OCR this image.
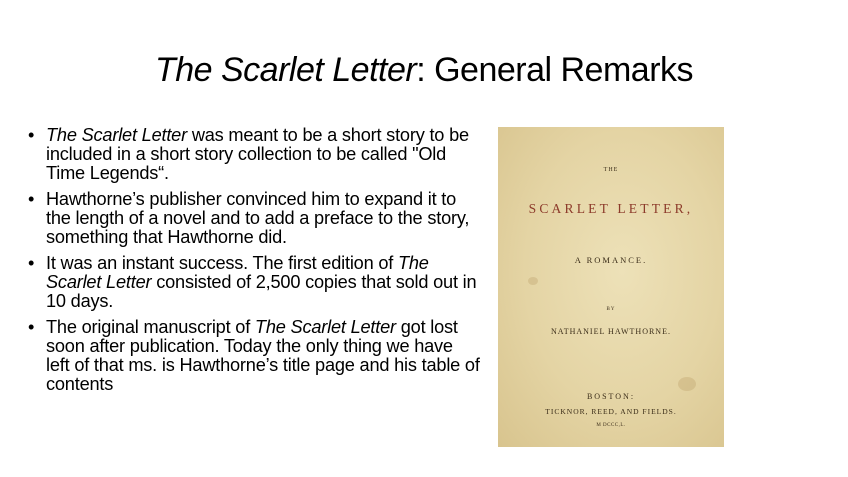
The Scarlet Letter: General Remarks
• The Scarlet Letter was meant to be a short story to be included in a short story collection to be called "Old Time Legends“.
• Hawthorne’s publisher convinced him to expand it to the length of a novel and to add a preface to the story, something that Hawthorne did.
• It was an instant success. The first edition of The Scarlet Letter consisted of 2,500 copies that sold out in 10 days.
• The original manuscript of The Scarlet Letter got lost soon after publication. Today the only thing we have left of that ms. is Hawthorne’s title page and his table of contents
THE
SCARLET LETTER,
A ROMANCE.
BY
NATHANIEL HAWTHORNE.
BOSTON:
TICKNOR, REED, AND FIELDS.
M DCCC,L.
